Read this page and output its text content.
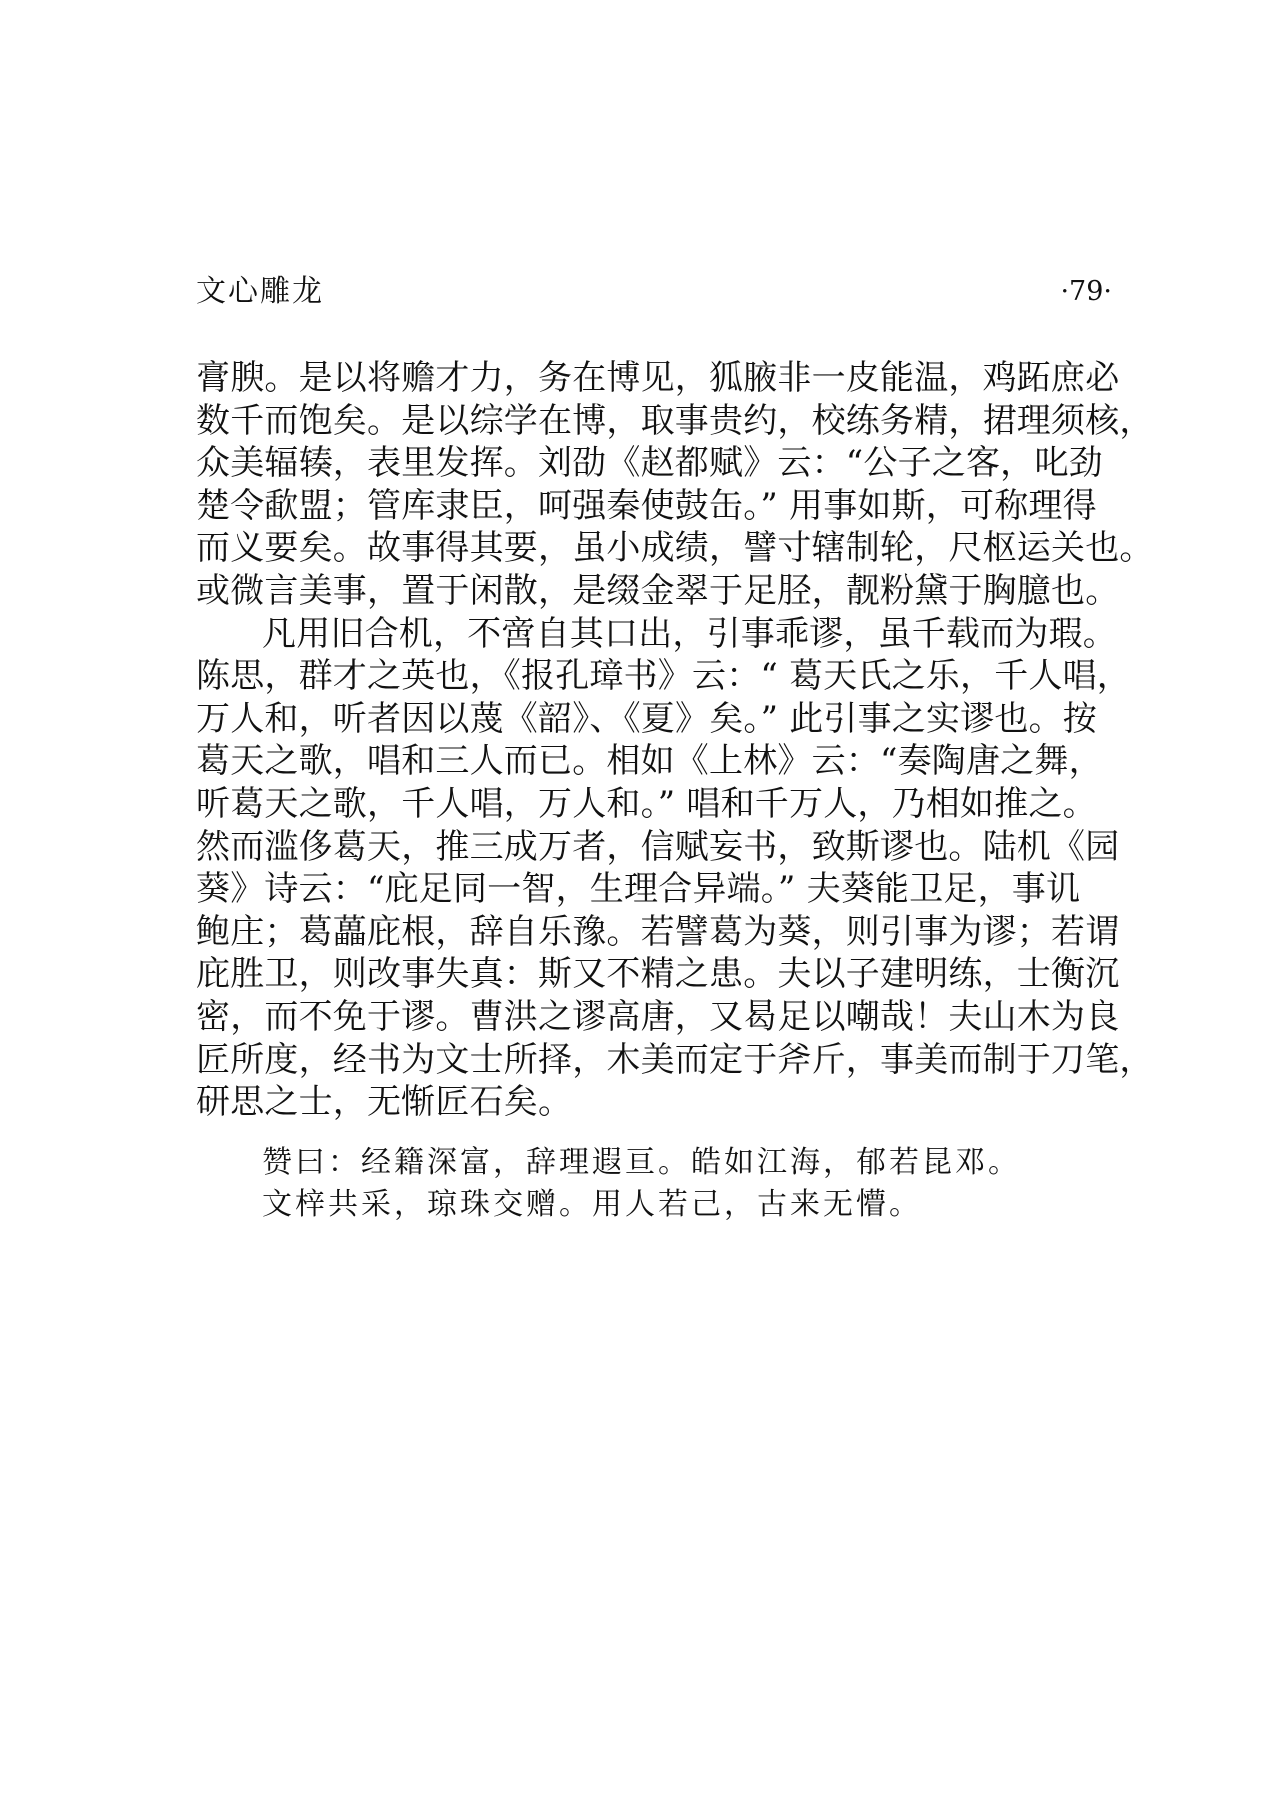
文心雕龙	·79·
膏腴。是以将赡才力，务在博见，狐腋非一皮能温，鸡跖庶必
数千而饱矣。是以综学在博，取事贵约，校练务精，捃理须核，
众美辐辏，表里发挥。刘劭《赵都赋》云：“公子之客，叱劲
楚令歃盟；管库隶臣，呵强秦使鼓缶。” 用事如斯，可称理得
而义要矣。故事得其要，虽小成绩，譬寸辖制轮，尺枢运关也。
或微言美事，置于闲散，是缀金翠于足胫，靓粉黛于胸臆也。
凡用旧合机，不啻自其口出，引事乖谬，虽千载而为瑕。
陈思，群才之英也，《报孔璋书》云：“ 葛天氏之乐，千人唱，
万人和，听者因以蔑《韶》、《夏》矣。” 此引事之实谬也。按
葛天之歌，唱和三人而已。相如《上林》云：“奏陶唐之舞，
听葛天之歌，千人唱，万人和。” 唱和千万人，乃相如推之。
然而滥侈葛天，推三成万者，信赋妄书，致斯谬也。陆机《园
葵》诗云：“庇足同一智，生理合异端。” 夫葵能卫足，事讥
鲍庄；葛藟庇根，辞自乐豫。若譬葛为葵，则引事为谬；若谓
庇胜卫，则改事失真：斯又不精之患。夫以子建明练，士衡沉
密，而不免于谬。曹洪之谬高唐，又曷足以嘲哉！夫山木为良
匠所度，经书为文士所择，木美而定于斧斤，事美而制于刀笔，
研思之士，无惭匠石矣。
赞曰：经籍深富，辞理遐亘。皓如江海，郁若昆邓。
文梓共采，琼珠交赠。用人若己，古来无懵。
